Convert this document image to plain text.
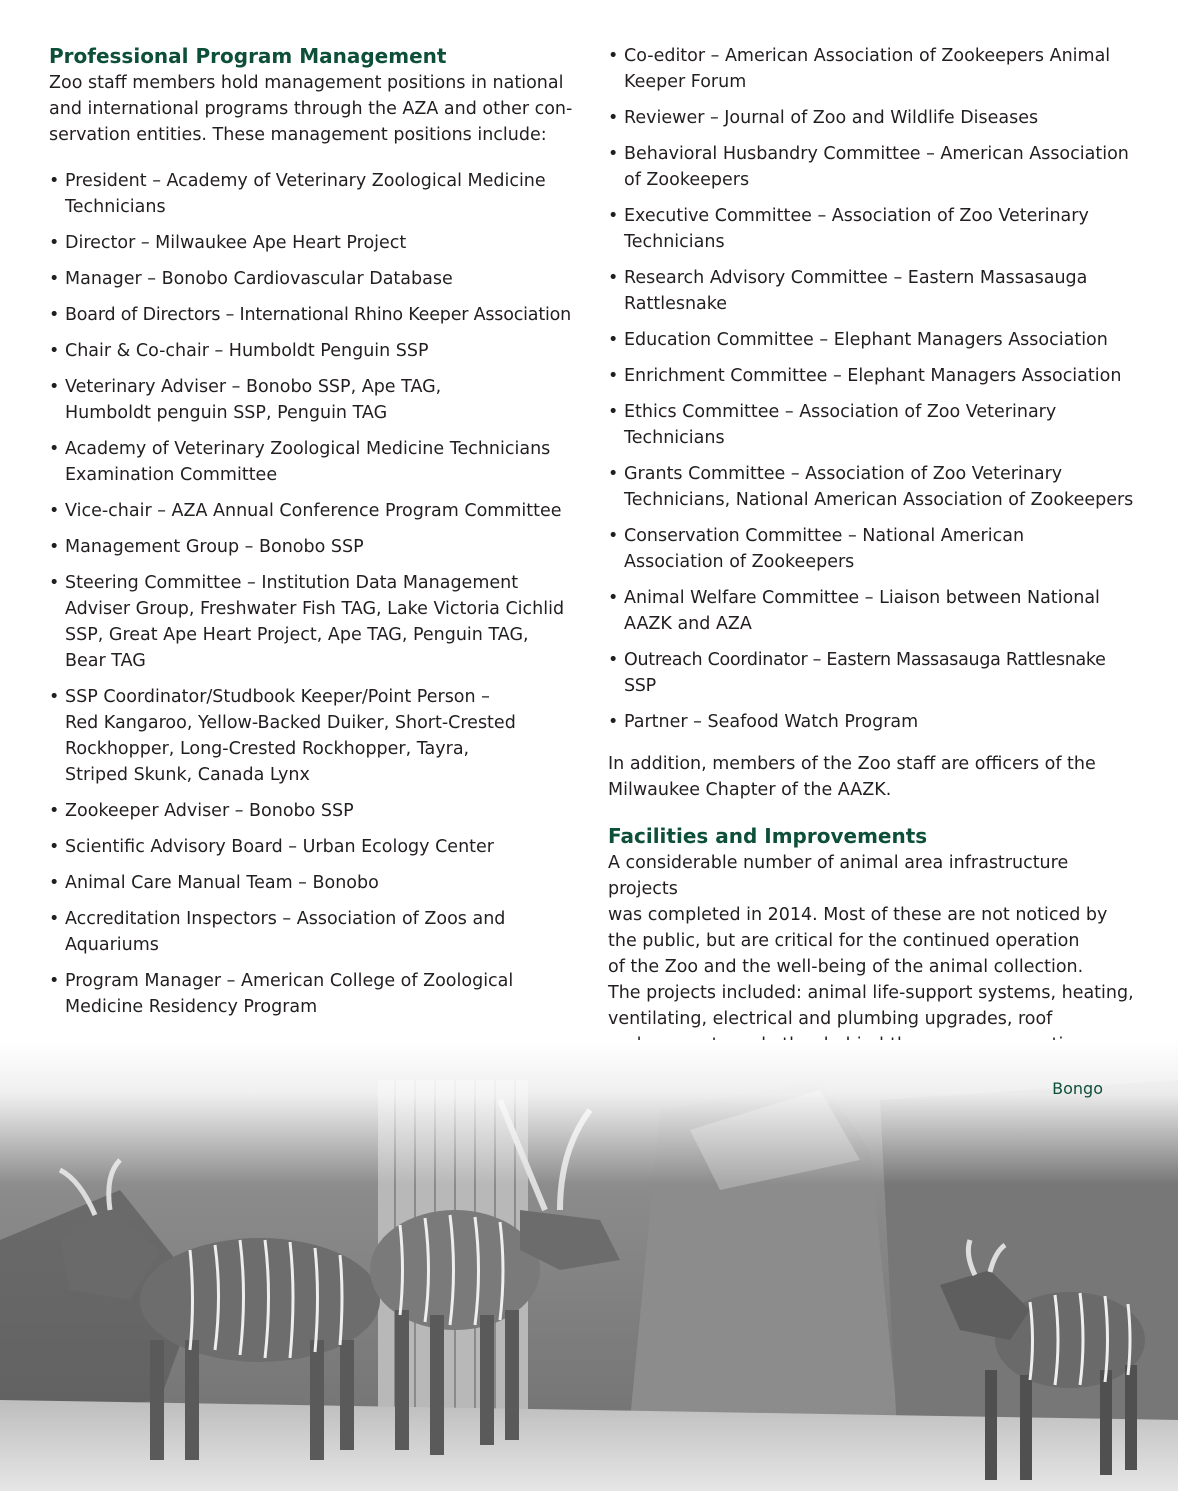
Professional Program Management

Zoo staff members hold management positions in national
and international programs through the AZA and other con-
servation entities. These management positions include:

• President – Academy of Veterinary Zoological Medicine
Technicians
• Director – Milwaukee Ape Heart Project
• Manager – Bonobo Cardiovascular Database
• Board of Directors – International Rhino Keeper Association
• Chair & Co-chair – Humboldt Penguin SSP
• Veterinary Adviser – Bonobo SSP, Ape TAG,
Humboldt penguin SSP, Penguin TAG
• Academy of Veterinary Zoological Medicine Technicians
Examination Committee
• Vice-chair – AZA Annual Conference Program Committee
• Management Group – Bonobo SSP
• Steering Committee – Institution Data Management
Adviser Group, Freshwater Fish TAG, Lake Victoria Cichlid
SSP, Great Ape Heart Project, Ape TAG, Penguin TAG,
Bear TAG
• SSP Coordinator/Studbook Keeper/Point Person –
Red Kangaroo, Yellow-Backed Duiker, Short-Crested
Rockhopper, Long-Crested Rockhopper, Tayra,
Striped Skunk, Canada Lynx
• Zookeeper Adviser – Bonobo SSP
• Scientific Advisory Board – Urban Ecology Center
• Animal Care Manual Team – Bonobo
• Accreditation Inspectors – Association of Zoos and
Aquariums
• Program Manager – American College of Zoological
Medicine Residency Program
• Co-editor – American Association of Zookeepers Animal
Keeper Forum
• Reviewer – Journal of Zoo and Wildlife Diseases
• Behavioral Husbandry Committee – American Association
of Zookeepers
• Executive Committee – Association of Zoo Veterinary
Technicians
• Research Advisory Committee – Eastern Massasauga
Rattlesnake
• Education Committee – Elephant Managers Association
• Enrichment Committee – Elephant Managers Association
• Ethics Committee – Association of Zoo Veterinary
Technicians
• Grants Committee – Association of Zoo Veterinary
Technicians, National American Association of Zookeepers
• Conservation Committee – National American
Association of Zookeepers
• Animal Welfare Committee – Liaison between National
AAZK and AZA
• Outreach Coordinator – Eastern Massasauga Rattlesnake SSP
• Partner – Seafood Watch Program

In addition, members of the Zoo staff are officers of the
Milwaukee Chapter of the AAZK.

Facilities and Improvements

A considerable number of animal area infrastructure projects
was completed in 2014. Most of these are not noticed by
the public, but are critical for the continued operation
of the Zoo and the well-being of the animal collection.
The projects included: animal life-support systems, heating,
ventilating, electrical and plumbing upgrades, roof

Bongo
